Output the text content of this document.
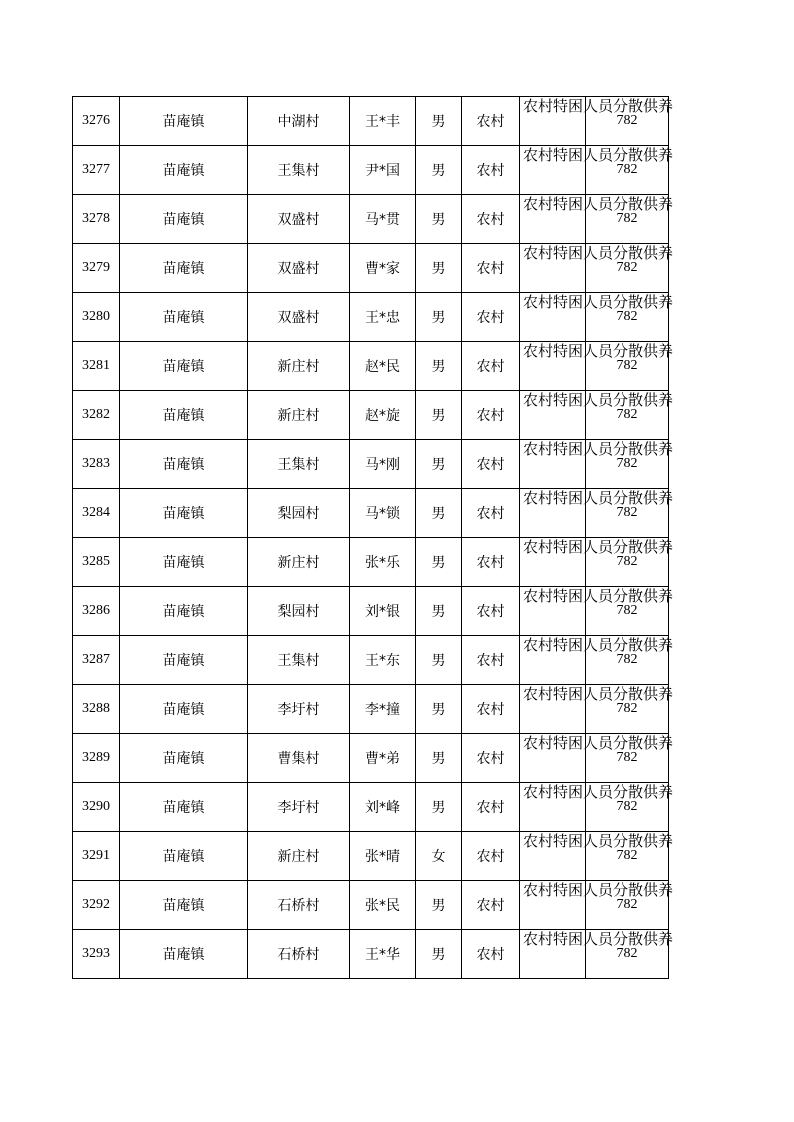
3276	苗庵镇	中湖村	王*丰	男	农村	农村特困人员分散供养	782
3277	苗庵镇	王集村	尹*国	男	农村	农村特困人员分散供养	782
3278	苗庵镇	双盛村	马*贯	男	农村	农村特困人员分散供养	782
3279	苗庵镇	双盛村	曹*家	男	农村	农村特困人员分散供养	782
3280	苗庵镇	双盛村	王*忠	男	农村	农村特困人员分散供养	782
3281	苗庵镇	新庄村	赵*民	男	农村	农村特困人员分散供养	782
3282	苗庵镇	新庄村	赵*旋	男	农村	农村特困人员分散供养	782
3283	苗庵镇	王集村	马*刚	男	农村	农村特困人员分散供养	782
3284	苗庵镇	梨园村	马*锁	男	农村	农村特困人员分散供养	782
3285	苗庵镇	新庄村	张*乐	男	农村	农村特困人员分散供养	782
3286	苗庵镇	梨园村	刘*银	男	农村	农村特困人员分散供养	782
3287	苗庵镇	王集村	王*东	男	农村	农村特困人员分散供养	782
3288	苗庵镇	李圩村	李*撞	男	农村	农村特困人员分散供养	782
3289	苗庵镇	曹集村	曹*弟	男	农村	农村特困人员分散供养	782
3290	苗庵镇	李圩村	刘*峰	男	农村	农村特困人员分散供养	782
3291	苗庵镇	新庄村	张*晴	女	农村	农村特困人员分散供养	782
3292	苗庵镇	石桥村	张*民	男	农村	农村特困人员分散供养	782
3293	苗庵镇	石桥村	王*华	男	农村	农村特困人员分散供养	782
